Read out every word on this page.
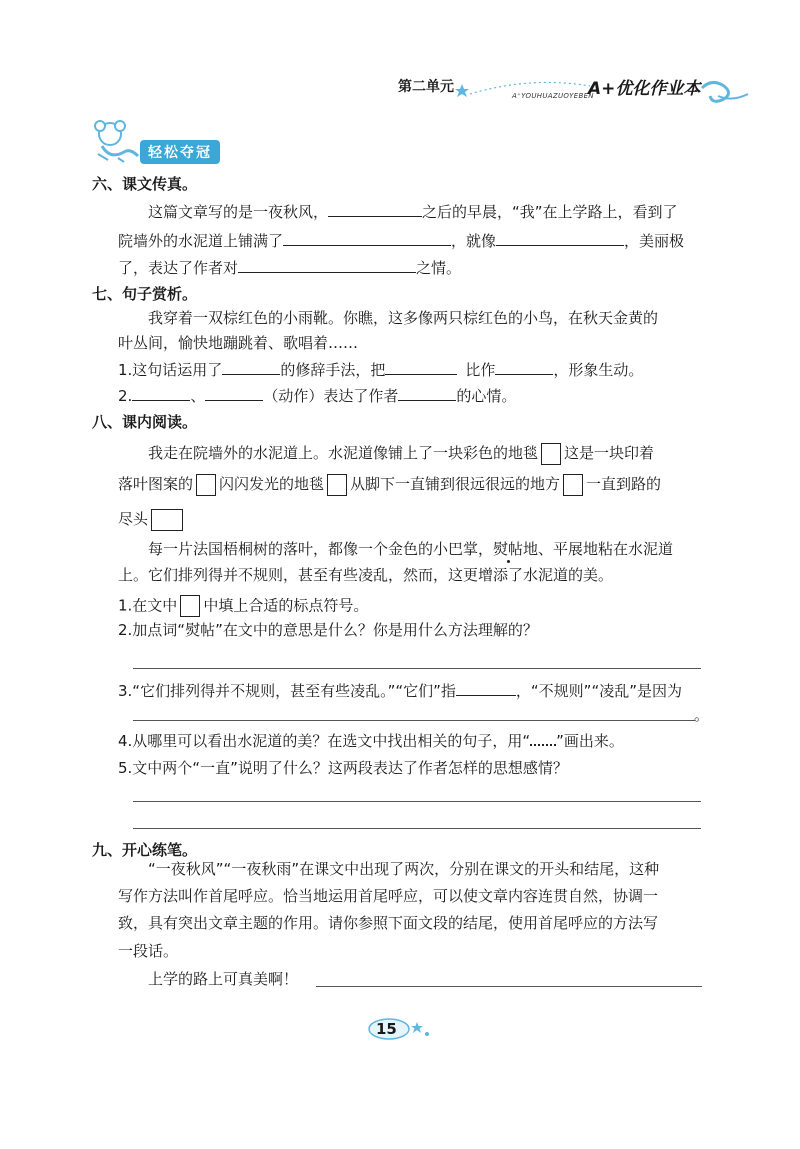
第二单元
A⁺YOUHUAZUOYEBEN
A+优化作业本
轻松夺冠
六、课文传真。
这篇文章写的是一夜秋风，	之后的早晨，“我”在上学路上，看到了
院墙外的水泥道上铺满了	，就像	，美丽极
了，表达了作者对	之情。
七、句子赏析。
我穿着一双棕红色的小雨靴。你瞧，这多像两只棕红色的小鸟，在秋天金黄的
叶丛间，愉快地蹦跳着、歌唱着……
1.这句话运用了	的修辞手法，把	比作	，形象生动。
2.	、	（动作）表达了作者	的心情。
八、课内阅读。
我走在院墙外的水泥道上。水泥道像铺上了一块彩色的地毯 这是一块印着
落叶图案的 闪闪发光的地毯 从脚下一直铺到很远很远的地方 一直到路的
尽头
每一片法国梧桐树的落叶，都像一个金色的小巴掌，熨帖地、平展地粘在水泥道
上。它们排列得并不规则，甚至有些凌乱，然而，这更增添了水泥道的美。
1.在文中 中填上合适的标点符号。
2.加点词“熨帖”在文中的意思是什么？你是用什么方法理解的？
3.“它们排列得并不规则，甚至有些凌乱。”“它们”指	，“不规则”“凌乱”是因为
。
4.从哪里可以看出水泥道的美？在选文中找出相关的句子，用“ ”画出来。
5.文中两个“一直”说明了什么？这两段表达了作者怎样的思想感情？
九、开心练笔。
“一夜秋风”“一夜秋雨”在课文中出现了两次，分别在课文的开头和结尾，这种
写作方法叫作首尾呼应。恰当地运用首尾呼应，可以使文章内容连贯自然，协调一
致，具有突出文章主题的作用。请你参照下面文段的结尾，使用首尾呼应的方法写
一段话。
上学的路上可真美啊！
15
